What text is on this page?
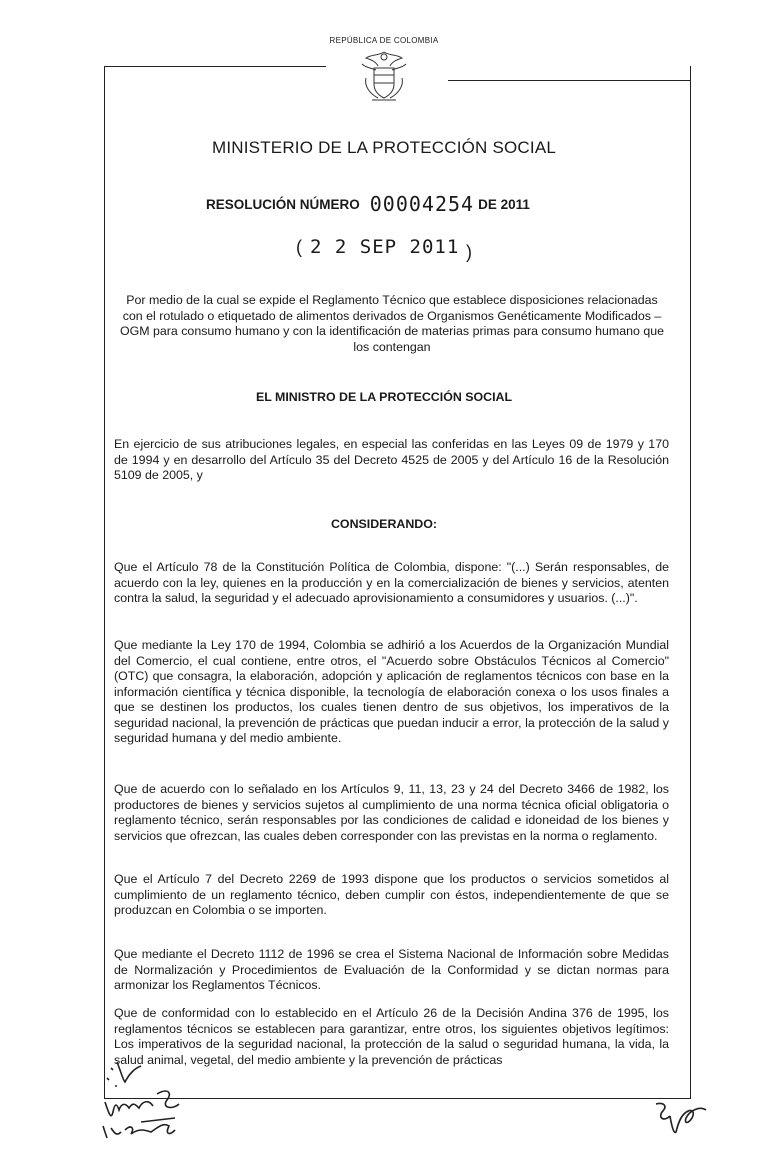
REPÚBLICA DE COLOMBIA
MINISTERIO DE LA PROTECCIÓN SOCIAL
RESOLUCIÓN NÚMERO 00004254 DE 2011
( 2 2 SEP 2011 )
Por medio de la cual se expide el Reglamento Técnico que establece disposiciones relacionadas con el rotulado o etiquetado de alimentos derivados de Organismos Genéticamente Modificados – OGM para consumo humano y con la identificación de materias primas para consumo humano que los contengan
EL MINISTRO DE LA PROTECCIÓN SOCIAL
En ejercicio de sus atribuciones legales, en especial las conferidas en las Leyes 09 de 1979 y 170 de 1994 y en desarrollo del Artículo 35 del Decreto 4525 de 2005 y del Artículo 16 de la Resolución 5109 de 2005, y
CONSIDERANDO:
Que el Artículo 78 de la Constitución Política de Colombia, dispone: "(...) Serán responsables, de acuerdo con la ley, quienes en la producción y en la comercialización de bienes y servicios, atenten contra la salud, la seguridad y el adecuado aprovisionamiento a consumidores y usuarios. (...)".
Que mediante la Ley 170 de 1994, Colombia se adhirió a los Acuerdos de la Organización Mundial del Comercio, el cual contiene, entre otros, el "Acuerdo sobre Obstáculos Técnicos al Comercio" (OTC) que consagra, la elaboración, adopción y aplicación de reglamentos técnicos con base en la información científica y técnica disponible, la tecnología de elaboración conexa o los usos finales a que se destinen los productos, los cuales tienen dentro de sus objetivos, los imperativos de la seguridad nacional, la prevención de prácticas que puedan inducir a error, la protección de la salud y seguridad humana y del medio ambiente.
Que de acuerdo con lo señalado en los Artículos 9, 11, 13, 23 y 24 del Decreto 3466 de 1982, los productores de bienes y servicios sujetos al cumplimiento de una norma técnica oficial obligatoria o reglamento técnico, serán responsables por las condiciones de calidad e idoneidad de los bienes y servicios que ofrezcan, las cuales deben corresponder con las previstas en la norma o reglamento.
Que el Artículo 7 del Decreto 2269 de 1993 dispone que los productos o servicios sometidos al cumplimiento de un reglamento técnico, deben cumplir con éstos, independientemente de que se produzcan en Colombia o se importen.
Que mediante el Decreto 1112 de 1996 se crea el Sistema Nacional de Información sobre Medidas de Normalización y Procedimientos de Evaluación de la Conformidad y se dictan normas para armonizar los Reglamentos Técnicos.
Que de conformidad con lo establecido en el Artículo 26 de la Decisión Andina 376 de 1995, los reglamentos técnicos se establecen para garantizar, entre otros, los siguientes objetivos legítimos: Los imperativos de la seguridad nacional, la protección de la salud o seguridad humana, la vida, la salud animal, vegetal, del medio ambiente y la prevención de prácticas
